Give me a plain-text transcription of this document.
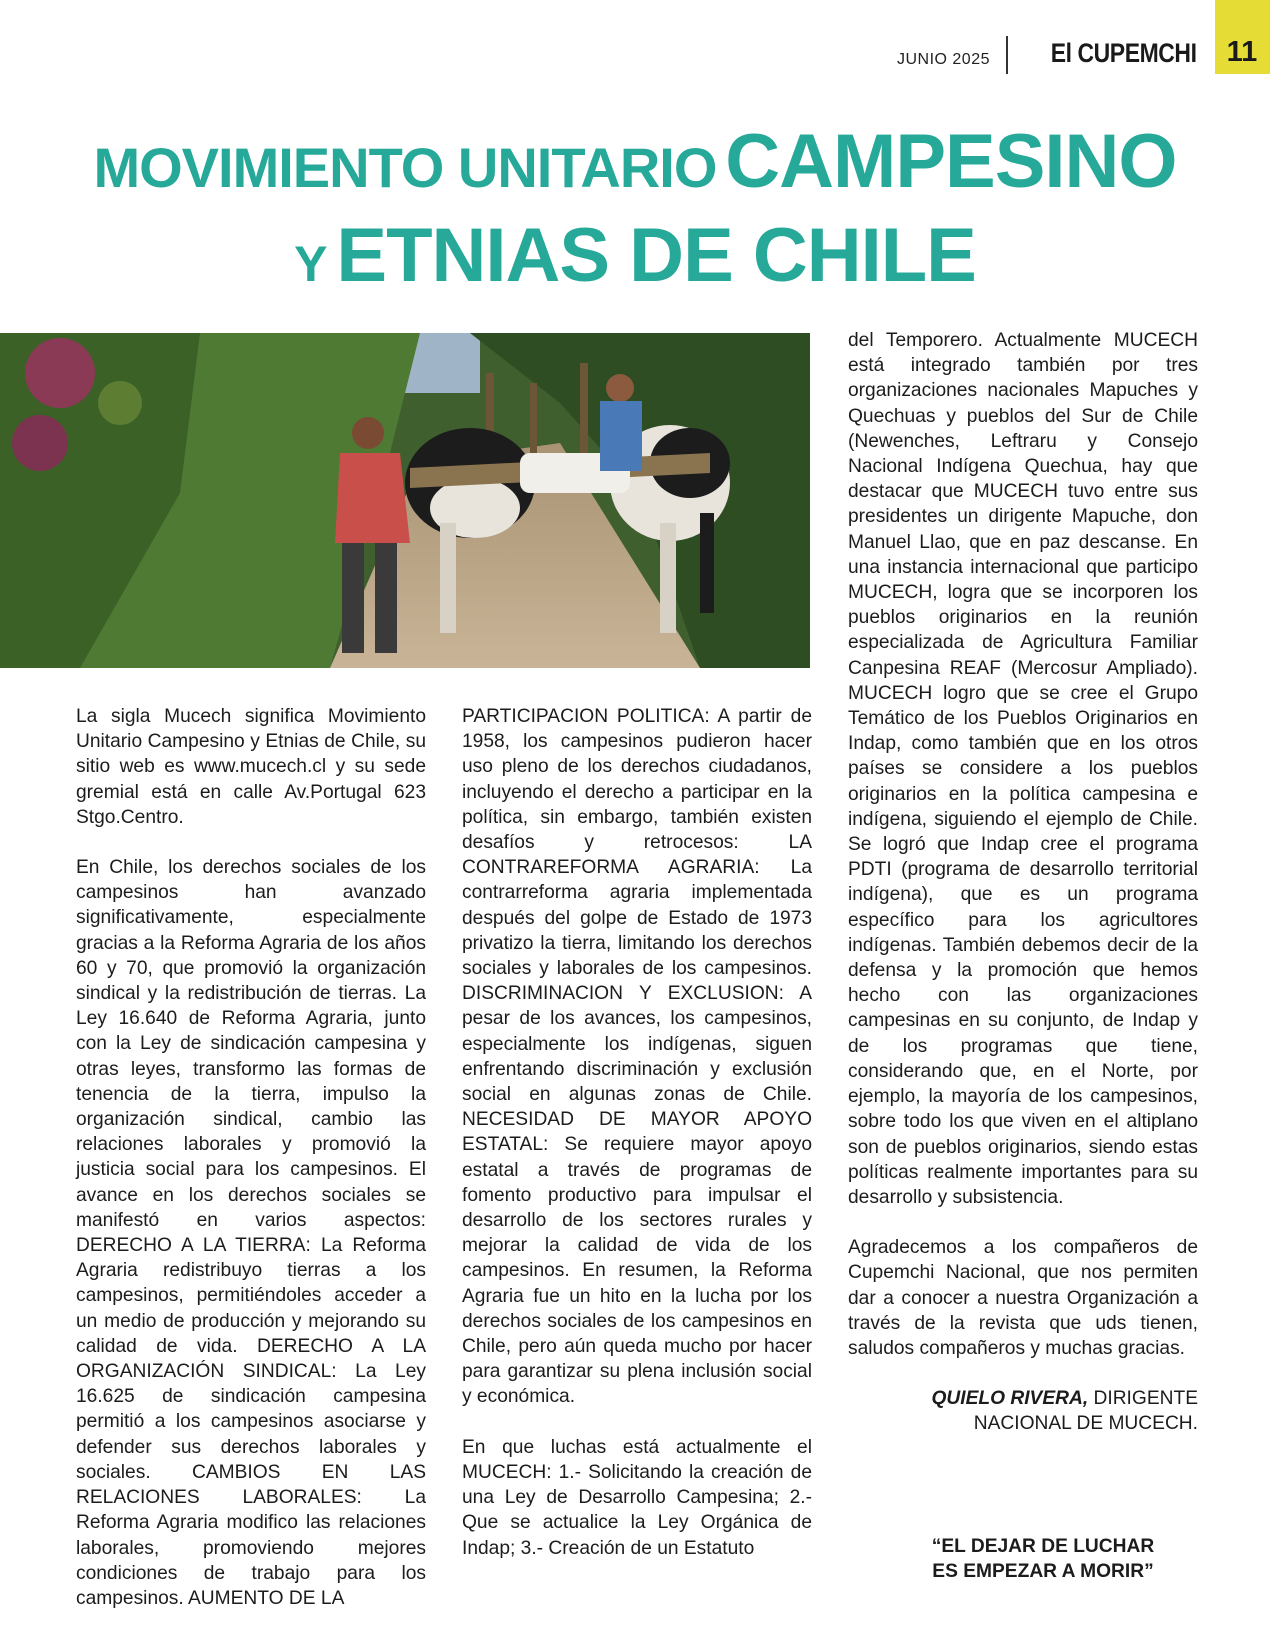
JUNIO 2025 El CUPEMCHI 11
MOVIMIENTO UNITARIO CAMPESINO
Y ETNIAS DE CHILE

La sigla Mucech significa Movimiento Unitario Campesino y Etnias de Chile, su sitio web es www.mucech.cl y su sede gremial está en calle Av.Portugal 623 Stgo.Centro.

En Chile, los derechos sociales de los campesinos han avanzado significativamente, especialmente gracias a la Reforma Agraria de los años 60 y 70, que promovió la organización sindical y la redistribución de tierras. La Ley 16.640 de Reforma Agraria, junto con la Ley de sindicación campesina y otras leyes, transformo las formas de tenencia de la tierra, impulso la organización sindical, cambio las relaciones laborales y promovió la justicia social para los campesinos. El avance en los derechos sociales se manifestó en varios aspectos: DERECHO A LA TIERRA: La Reforma Agraria redistribuyo tierras a los campesinos, permitiéndoles acceder a un medio de producción y mejorando su calidad de vida. DERECHO A LA ORGANIZACIÓN SINDICAL: La Ley 16.625 de sindicación campesina permitió a los campesinos asociarse y defender sus derechos laborales y sociales. CAMBIOS EN LAS RELACIONES LABORALES: La Reforma Agraria modifico las relaciones laborales, promoviendo mejores condiciones de trabajo para los campesinos. AUMENTO DE LA

PARTICIPACION POLITICA: A partir de 1958, los campesinos pudieron hacer uso pleno de los derechos ciudadanos, incluyendo el derecho a participar en la política, sin embargo, también existen desafíos y retrocesos: LA CONTRAREFORMA AGRARIA: La contrarreforma agraria implementada después del golpe de Estado de 1973 privatizo la tierra, limitando los derechos sociales y laborales de los campesinos. DISCRIMINACION Y EXCLUSION: A pesar de los avances, los campesinos, especialmente los indígenas, siguen enfrentando discriminación y exclusión social en algunas zonas de Chile. NECESIDAD DE MAYOR APOYO ESTATAL: Se requiere mayor apoyo estatal a través de programas de fomento productivo para impulsar el desarrollo de los sectores rurales y mejorar la calidad de vida de los campesinos. En resumen, la Reforma Agraria fue un hito en la lucha por los derechos sociales de los campesinos en Chile, pero aún queda mucho por hacer para garantizar su plena inclusión social y económica.

En que luchas está actualmente el MUCECH: 1.- Solicitando la creación de una Ley de Desarrollo Campesina; 2.- Que se actualice la Ley Orgánica de Indap; 3.- Creación de un Estatuto

del Temporero. Actualmente MUCECH está integrado también por tres organizaciones nacionales Mapuches y Quechuas y pueblos del Sur de Chile (Newenches, Leftraru y Consejo Nacional Indígena Quechua, hay que destacar que MUCECH tuvo entre sus presidentes un dirigente Mapuche, don Manuel Llao, que en paz descanse. En una instancia internacional que participo MUCECH, logra que se incorporen los pueblos originarios en la reunión especializada de Agricultura Familiar Canpesina REAF (Mercosur Ampliado). MUCECH logro que se cree el Grupo Temático de los Pueblos Originarios en Indap, como también que en los otros países se considere a los pueblos originarios en la política campesina e indígena, siguiendo el ejemplo de Chile. Se logró que Indap cree el programa PDTI (programa de desarrollo territorial indígena), que es un programa específico para los agricultores indígenas. También debemos decir de la defensa y la promoción que hemos hecho con las organizaciones campesinas en su conjunto, de Indap y de los programas que tiene, considerando que, en el Norte, por ejemplo, la mayoría de los campesinos, sobre todo los que viven en el altiplano son de pueblos originarios, siendo estas políticas realmente importantes para su desarrollo y subsistencia.

Agradecemos a los compañeros de Cupemchi Nacional, que nos permiten dar a conocer a nuestra Organización a través de la revista que uds tienen, saludos compañeros y muchas gracias.

QUIELO RIVERA, DIRIGENTE
NACIONAL DE MUCECH.
“EL DEJAR DE LUCHAR
ES EMPEZAR A MORIR”
